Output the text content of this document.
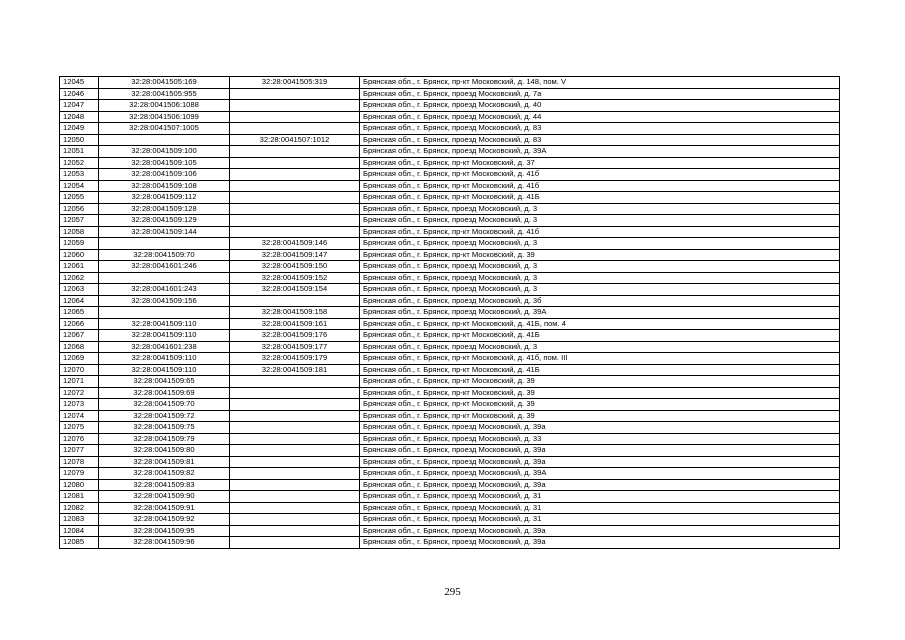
12045	32:28:0041505:169	32:28:0041505:319	Брянская обл., г. Брянск, пр-кт Московский, д. 148, пом. V
12046	32:28:0041505:955		Брянская обл., г. Брянск, проезд Московский, д. 7а
12047	32:28:0041506:1088		Брянская обл., г. Брянск, проезд Московский, д. 40
12048	32:28:0041506:1099		Брянская обл., г. Брянск, проезд Московский, д. 44
12049	32:28:0041507:1005		Брянская обл., г. Брянск, проезд Московский, д. 83
12050		32:28:0041507:1012	Брянская обл., г. Брянск, проезд Московский, д. 83
12051	32:28:0041509:100		Брянская обл., г. Брянск, проезд Московский, д. 39А
12052	32:28:0041509:105		Брянская обл., г. Брянск, пр-кт Московский, д. 37
12053	32:28:0041509:106		Брянская обл., г. Брянск, пр-кт Московский, д. 41б
12054	32:28:0041509:108		Брянская обл., г. Брянск, пр-кт Московский, д. 41б
12055	32:28:0041509:112		Брянская обл., г. Брянск, пр-кт Московский, д. 41Б
12056	32:28:0041509:128		Брянская обл., г. Брянск, проезд Московский, д. 3
12057	32:28:0041509:129		Брянская обл., г. Брянск, проезд Московский, д. 3
12058	32:28:0041509:144		Брянская обл., г. Брянск, пр-кт Московский, д. 41б
12059		32:28:0041509:146	Брянская обл., г. Брянск, проезд Московский, д. 3
12060	32:28:0041509:70	32:28:0041509:147	Брянская обл., г. Брянск, пр-кт Московский, д. 39
12061	32:28:0041601:246	32:28:0041509:150	Брянская обл., г. Брянск, проезд Московский, д. 3
12062		32:28:0041509:152	Брянская обл., г. Брянск, проезд Московский, д. 3
12063	32:28:0041601:243	32:28:0041509:154	Брянская обл., г. Брянск, проезд Московский, д. 3
12064	32:28:0041509:156		Брянская обл., г. Брянск, проезд Московский, д. 3б
12065		32:28:0041509:158	Брянская обл., г. Брянск, проезд Московский, д. 39А
12066	32:28:0041509:110	32:28:0041509:161	Брянская обл., г. Брянск, пр-кт Московский, д. 41Б, пом. 4
12067	32:28:0041509:110	32:28:0041509:176	Брянская обл., г. Брянск, пр-кт Московский, д. 41Б
12068	32:28:0041601:238	32:28:0041509:177	Брянская обл., г. Брянск, проезд Московский, д. 3
12069	32:28:0041509:110	32:28:0041509:179	Брянская обл., г. Брянск, пр-кт Московский, д. 41б, пом. III
12070	32:28:0041509:110	32:28:0041509:181	Брянская обл., г. Брянск, пр-кт Московский, д. 41Б
12071	32:28:0041509:65		Брянская обл., г. Брянск, пр-кт Московский, д. 39
12072	32:28:0041509:69		Брянская обл., г. Брянск, пр-кт Московский, д. 39
12073	32:28:0041509:70		Брянская обл., г. Брянск, пр-кт Московский, д. 39
12074	32:28:0041509:72		Брянская обл., г. Брянск, пр-кт Московский, д. 39
12075	32:28:0041509:75		Брянская обл., г. Брянск, проезд Московский, д. 39а
12076	32:28:0041509:79		Брянская обл., г. Брянск, проезд Московский, д. 33
12077	32:28:0041509:80		Брянская обл., г. Брянск, проезд Московский, д. 39а
12078	32:28:0041509:81		Брянская обл., г. Брянск, проезд Московский, д. 39а
12079	32:28:0041509:82		Брянская обл., г. Брянск, проезд Московский, д. 39А
12080	32:28:0041509:83		Брянская обл., г. Брянск, проезд Московский, д. 39а
12081	32:28:0041509:90		Брянская обл., г. Брянск, проезд Московский, д. 31
12082	32:28:0041509:91		Брянская обл., г. Брянск, проезд Московский, д. 31
12083	32:28:0041509:92		Брянская обл., г. Брянск, проезд Московский, д. 31
12084	32:28:0041509:95		Брянская обл., г. Брянск, проезд Московский, д. 39а
12085	32:28:0041509:96		Брянская обл., г. Брянск, проезд Московский, д. 39а
295
